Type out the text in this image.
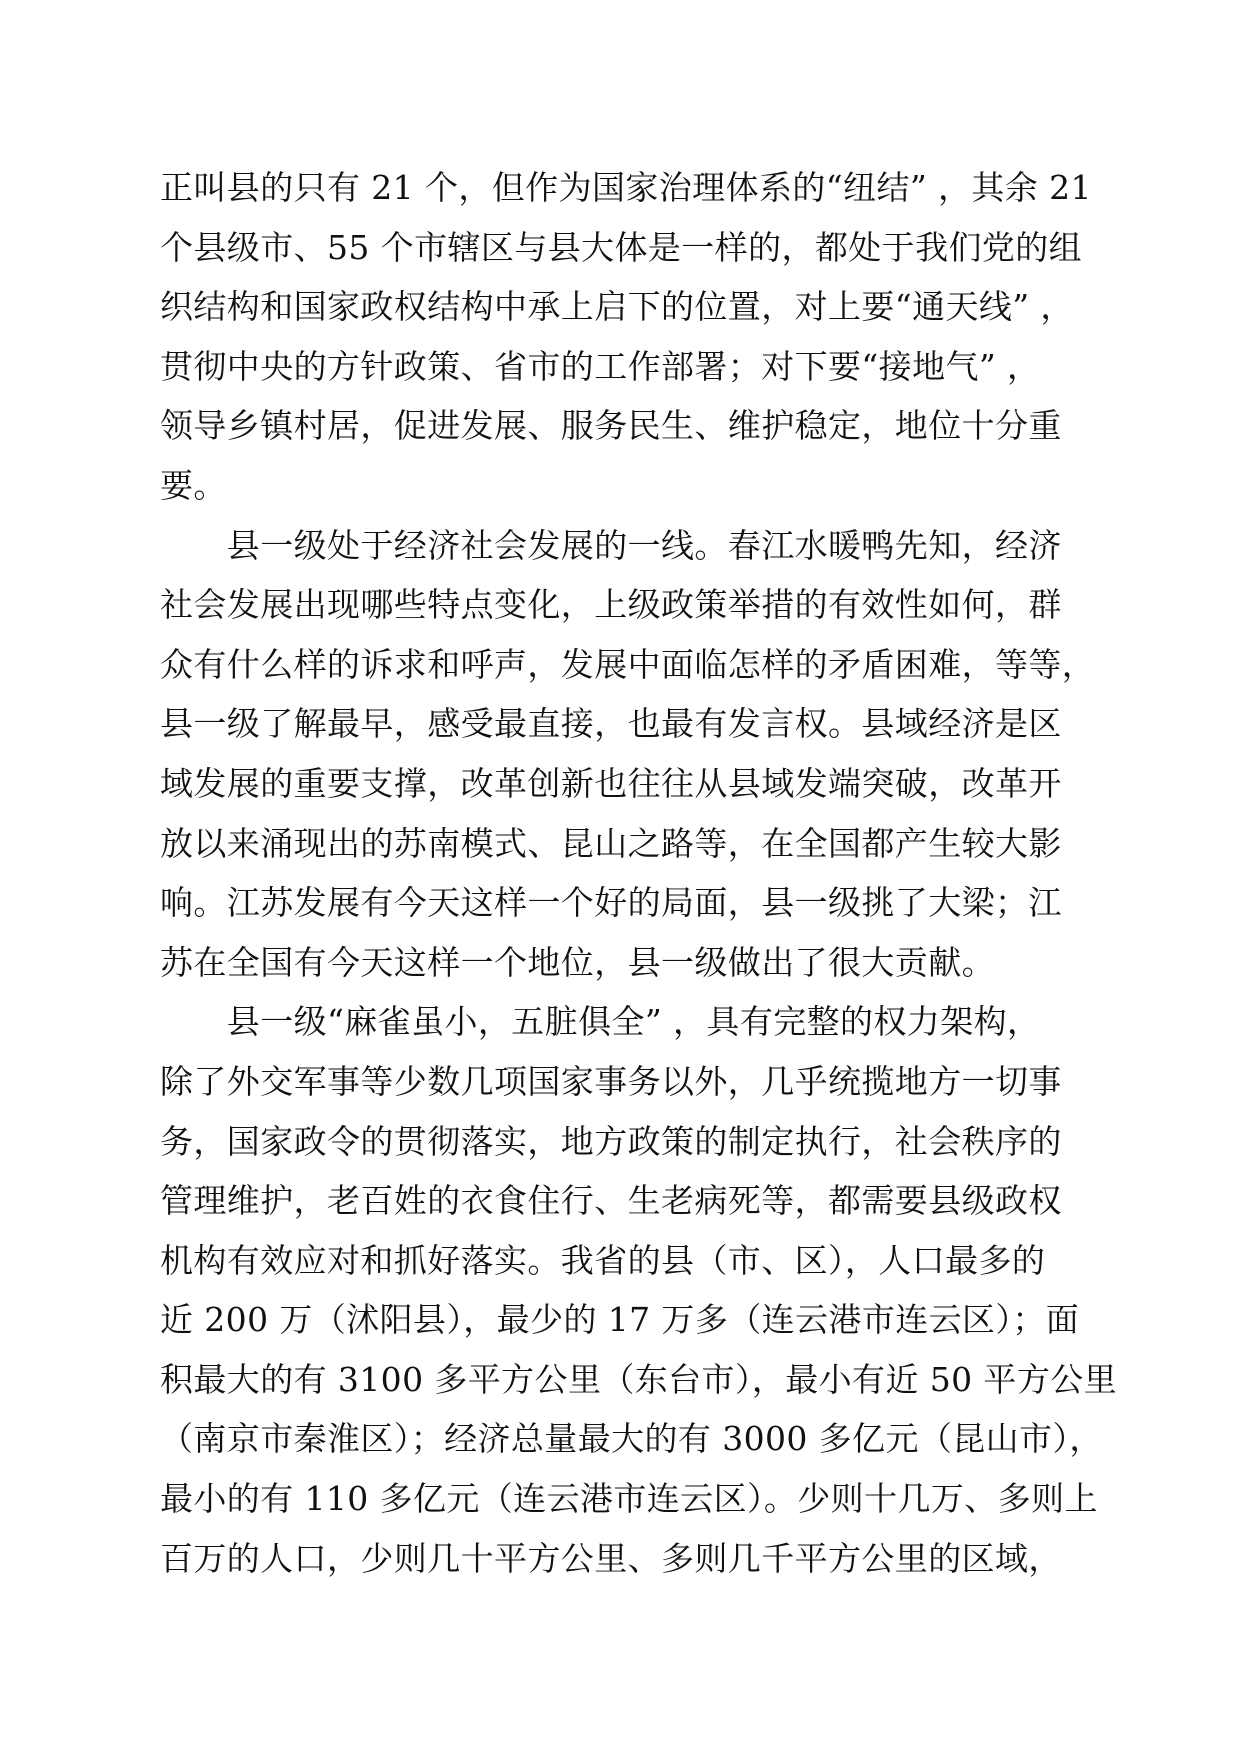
正叫县的只有 21 个，但作为国家治理体系的“纽结” ，其余 21
个县级市、55 个市辖区与县大体是一样的，都处于我们党的组
织结构和国家政权结构中承上启下的位置，对上要“通天线” ，
贯彻中央的方针政策、省市的工作部署；对下要“接地气” ，
领导乡镇村居，促进发展、服务民生、维护稳定，地位十分重
要。
　　县一级处于经济社会发展的一线。春江水暖鸭先知，经济
社会发展出现哪些特点变化，上级政策举措的有效性如何，群
众有什么样的诉求和呼声，发展中面临怎样的矛盾困难，等等，
县一级了解最早，感受最直接，也最有发言权。县域经济是区
域发展的重要支撑，改革创新也往往从县域发端突破，改革开
放以来涌现出的苏南模式、昆山之路等，在全国都产生较大影
响。江苏发展有今天这样一个好的局面，县一级挑了大梁；江
苏在全国有今天这样一个地位，县一级做出了很大贡献。
　　县一级“麻雀虽小，五脏俱全” ，具有完整的权力架构，
除了外交军事等少数几项国家事务以外，几乎统揽地方一切事
务，国家政令的贯彻落实，地方政策的制定执行，社会秩序的
管理维护，老百姓的衣食住行、生老病死等，都需要县级政权
机构有效应对和抓好落实。我省的县（市、区），人口最多的
近 200 万（沭阳县），最少的 17 万多（连云港市连云区）；面
积最大的有 3100 多平方公里（东台市），最小有近 50 平方公里
（南京市秦淮区）；经济总量最大的有 3000 多亿元（昆山市），
最小的有 110 多亿元（连云港市连云区）。少则十几万、多则上
百万的人口，少则几十平方公里、多则几千平方公里的区域，
